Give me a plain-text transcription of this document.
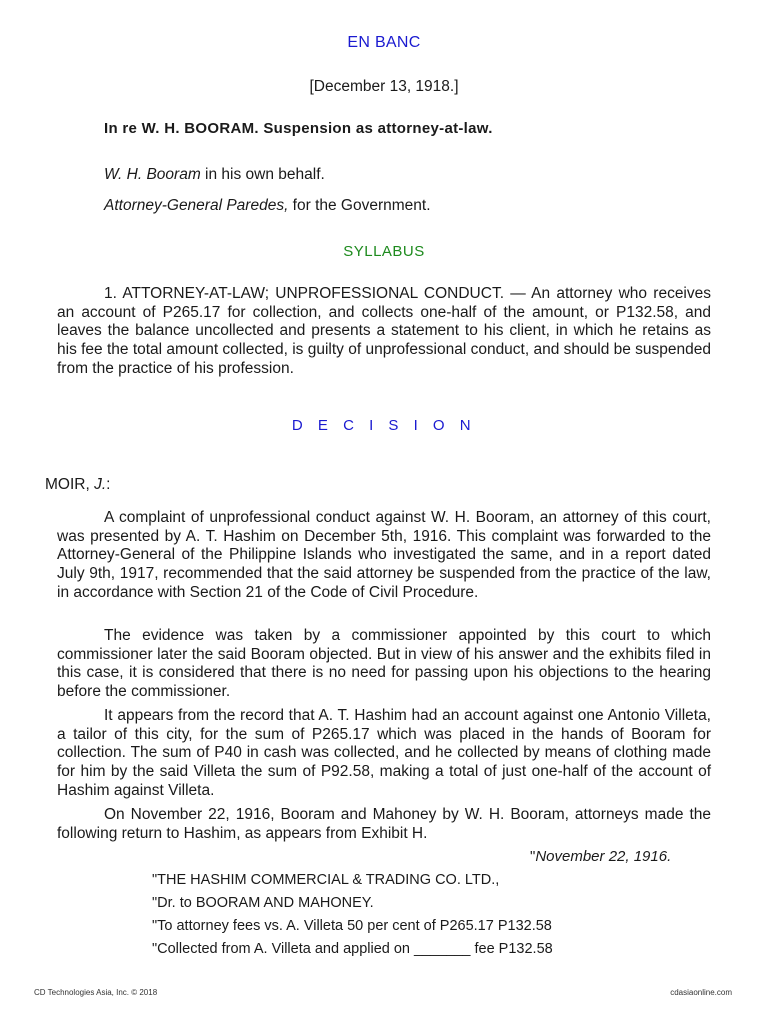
EN BANC
[December 13, 1918.]
In re W. H. BOORAM. Suspension as attorney-at-law.
W. H. Booram in his own behalf.
Attorney-General Paredes, for the Government.
SYLLABUS
1. ATTORNEY-AT-LAW; UNPROFESSIONAL CONDUCT. — An attorney who receives an account of P265.17 for collection, and collects one-half of the amount, or P132.58, and leaves the balance uncollected and presents a statement to his client, in which he retains as his fee the total amount collected, is guilty of unprofessional conduct, and should be suspended from the practice of his profession.
D E C I S I O N
MOIR, J.:
A complaint of unprofessional conduct against W. H. Booram, an attorney of this court, was presented by A. T. Hashim on December 5th, 1916. This complaint was forwarded to the Attorney-General of the Philippine Islands who investigated the same, and in a report dated July 9th, 1917, recommended that the said attorney be suspended from the practice of the law, in accordance with Section 21 of the Code of Civil Procedure.
The evidence was taken by a commissioner appointed by this court to which commissioner later the said Booram objected. But in view of his answer and the exhibits filed in this case, it is considered that there is no need for passing upon his objections to the hearing before the commissioner.
It appears from the record that A. T. Hashim had an account against one Antonio Villeta, a tailor of this city, for the sum of P265.17 which was placed in the hands of Booram for collection. The sum of P40 in cash was collected, and he collected by means of clothing made for him by the said Villeta the sum of P92.58, making a total of just one-half of the account of Hashim against Villeta.
On November 22, 1916, Booram and Mahoney by W. H. Booram, attorneys made the following return to Hashim, as appears from Exhibit H.
"November 22, 1916.
"THE HASHIM COMMERCIAL & TRADING CO. LTD.,
"Dr. to BOORAM AND MAHONEY.
"To attorney fees vs. A. Villeta 50 per cent of P265.17 P132.58
"Collected from A. Villeta and applied on _______ fee P132.58
CD Technologies Asia, Inc. © 2018	cdasiaonline.com
